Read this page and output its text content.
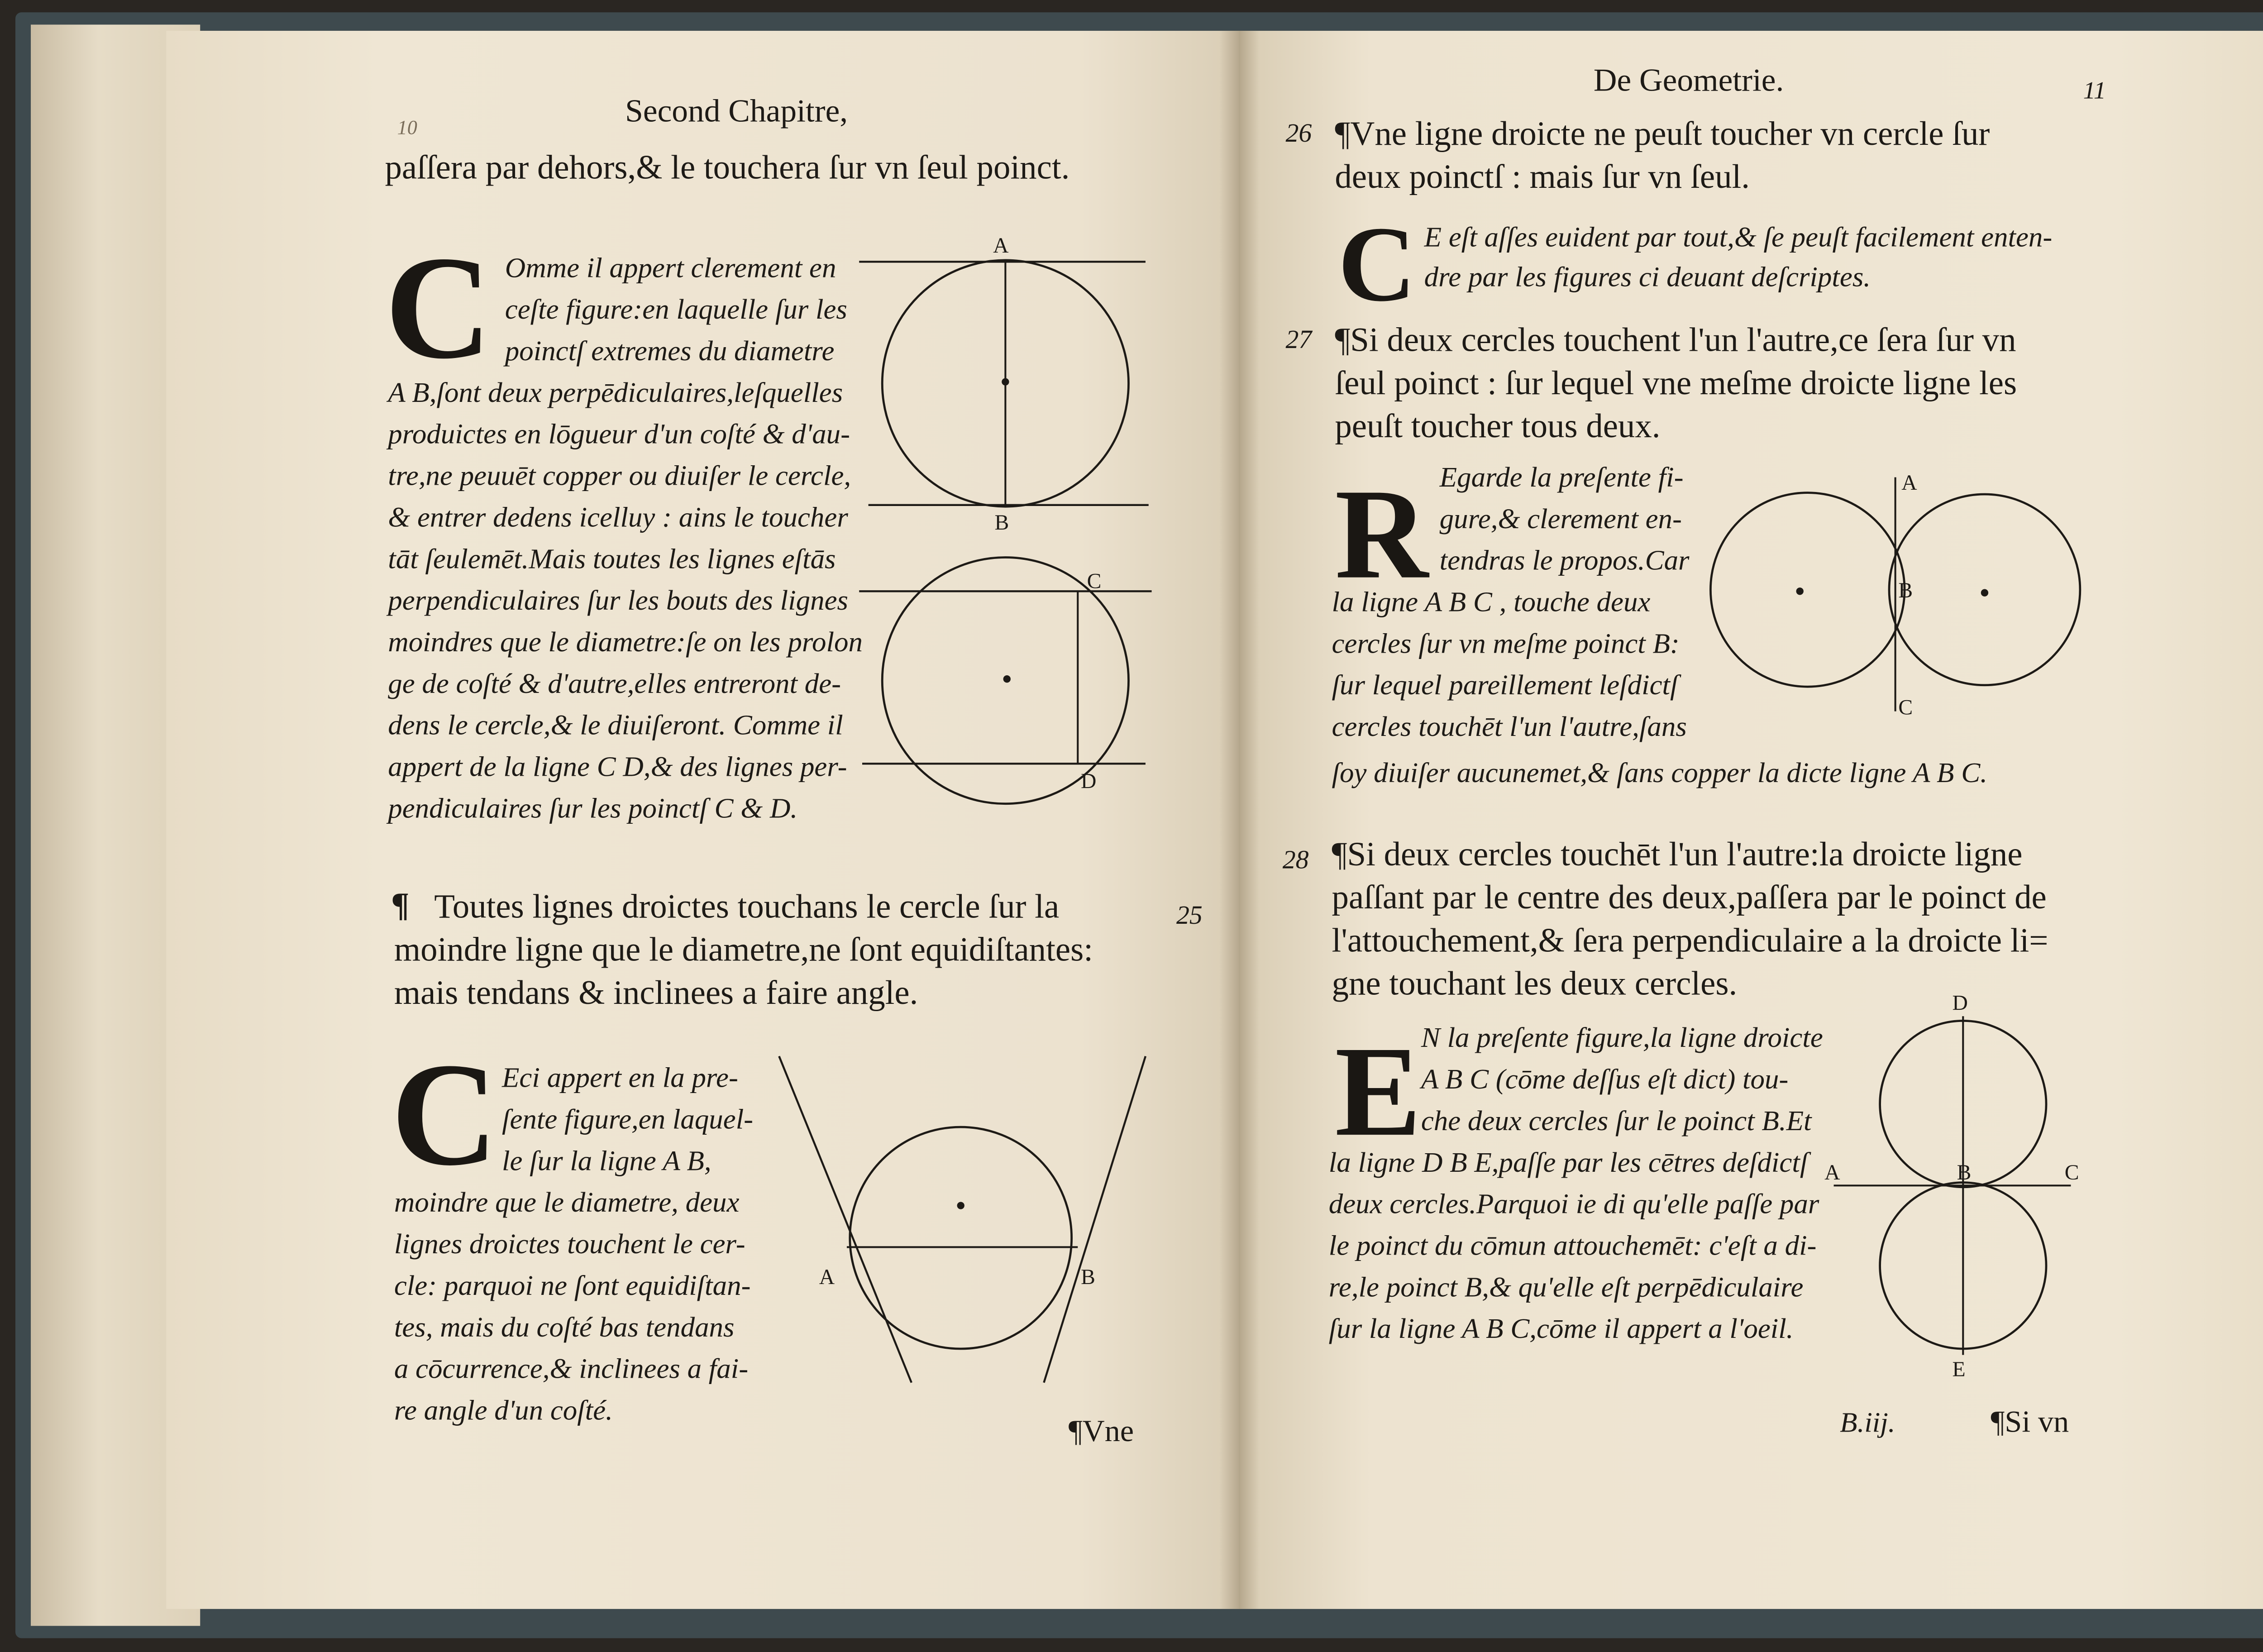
10	Second Chapitre,
paſſera par dehors,& le touchera ſur vn ſeul poinct.
C Omme il appert clerement en
ceſte figure:en laquelle ſur les
poinctſ extremes du diametre
A B,ſont deux perpēdiculaires,leſquelles
produictes en lōgueur d'un coſté & d'au-
tre,ne peuuēt copper ou diuiſer le cercle,
& entrer dedens icelluy : ains le toucher
tāt ſeulemēt.Mais toutes les lignes eſtās
perpendiculaires ſur les bouts des lignes
moindres que le diametre:ſe on les prolon
ge de coſté & d'autre,elles entreront de-
dens le cercle,& le diuiſeront. Comme il
appert de la ligne C D,& des lignes per-
pendiculaires ſur les poinctſ C & D.
A
B
C
D
¶ Toutes lignes droictes touchans le cercle ſur la
moindre ligne que le diametre,ne ſont equidiſtantes:
mais tendans & inclinees a faire angle.
25
C Eci appert en la pre-
ſente figure,en laquel-
le ſur la ligne A B,
moindre que le diametre, deux
lignes droictes touchent le cer-
cle: parquoi ne ſont equidiſtan-
tes, mais du coſté bas tendans
a cōcurrence,& inclinees a fai-
re angle d'un coſté.
A	B
¶Vne
De Geometrie.	11
26 ¶Vne ligne droicte ne peuſt toucher vn cercle ſur
deux poinctſ : mais ſur vn ſeul.
C E eſt aſſes euident par tout,& ſe peuſt facilement enten-
dre par les figures ci deuant deſcriptes.
27 ¶Si deux cercles touchent l'un l'autre,ce ſera ſur vn
ſeul poinct : ſur lequel vne meſme droicte ligne les
peuſt toucher tous deux.
R Egarde la preſente fi-
gure,& clerement en-
tendras le propos.Car
la ligne A B C , touche deux
cercles ſur vn meſme poinct B:
ſur lequel pareillement leſdictſ
cercles touchēt l'un l'autre,ſans
ſoy diuiſer aucunemet,& ſans copper la dicte ligne A B C.
A
B
C
28 ¶Si deux cercles touchēt l'un l'autre:la droicte ligne
paſſant par le centre des deux,paſſera par le poinct de
l'attouchement,& ſera perpendiculaire a la droicte li=
gne touchant les deux cercles.
E N la preſente figure,la ligne droicte
A B C (cōme deſſus eſt dict) tou-
che deux cercles ſur le poinct B.Et
la ligne D B E,paſſe par les cētres deſdictſ
deux cercles.Parquoi ie di qu'elle paſſe par
le poinct du cōmun attouchemēt: c'eſt a di-
re,le poinct B,& qu'elle eſt perpēdiculaire
ſur la ligne A B C,cōme il appert a l'oeil.
D
A	B	C
E
B.iij.	¶Si vn
